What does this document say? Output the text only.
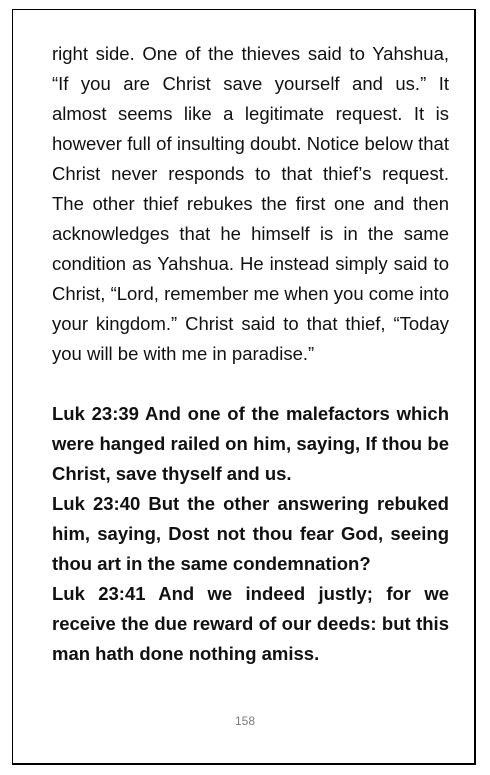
right side. One of the thieves said to Yahshua, “If you are Christ save yourself and us.” It almost seems like a legitimate request. It is however full of insulting doubt. Notice below that Christ never responds to that thief’s request. The other thief rebukes the first one and then acknowledges that he himself is in the same condition as Yahshua. He instead simply said to Christ, “Lord, remember me when you come into your kingdom.” Christ said to that thief, “Today you will be with me in paradise.”

Luk 23:39 And one of the malefactors which were hanged railed on him, saying, If thou be Christ, save thyself and us.

Luk 23:40 But the other answering rebuked him, saying, Dost not thou fear God, seeing thou art in the same condemnation?

Luk 23:41 And we indeed justly; for we receive the due reward of our deeds: but this man hath done nothing amiss.

158
